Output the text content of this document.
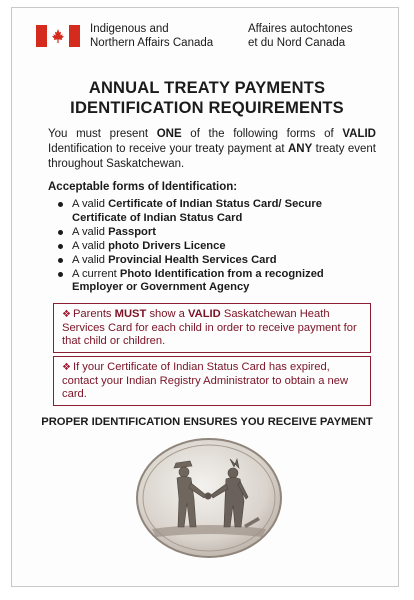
Indigenous and
Northern Affairs Canada
Affaires autochtones
et du Nord Canada
ANNUAL TREATY PAYMENTS
IDENTIFICATION REQUIREMENTS
You must present ONE of the following forms of VALID Identification to receive your treaty payment at ANY treaty event throughout Saskatchewan.
Acceptable forms of Identification:
A valid Certificate of Indian Status Card/ Secure Certificate of Indian Status Card
A valid Passport
A valid photo Drivers Licence
A valid Provincial Health Services Card
A current Photo Identification from a recognized Employer or Government Agency
❖ Parents MUST show a VALID Saskatchewan Heath Services Card for each child in order to receive payment for that child or children.
❖ If your Certificate of Indian Status Card has expired, contact your Indian Registry Administrator to obtain a new card.
PROPER IDENTIFICATION ENSURES YOU RECEIVE PAYMENT
